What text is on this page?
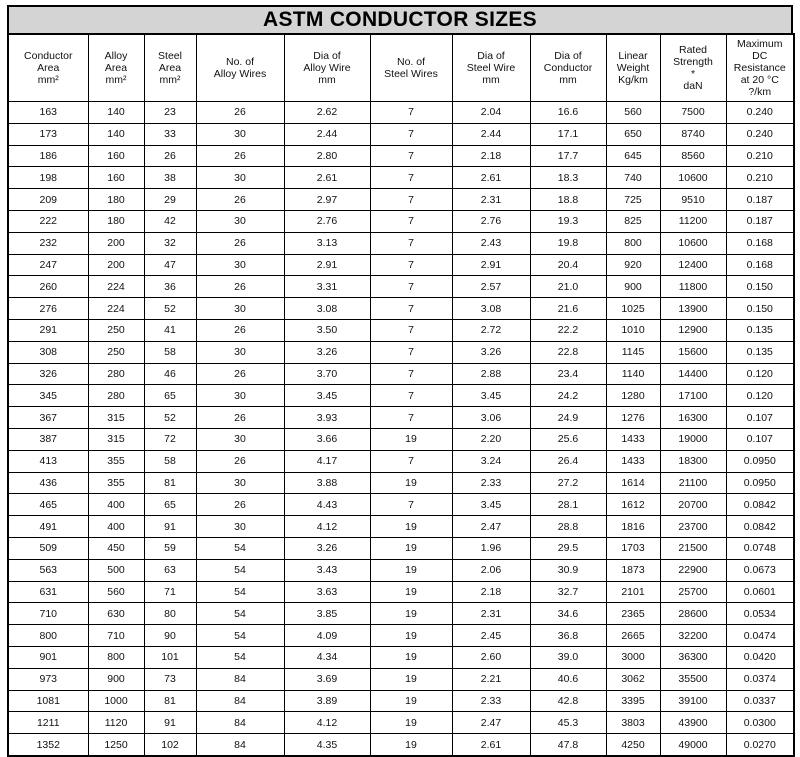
ASTM CONDUCTOR SIZES
Conductor
Area
mm²	Alloy
Area
mm²	Steel
Area
mm²	No. of
Alloy Wires	Dia of
Alloy Wire
mm	No. of
Steel Wires	Dia of
Steel Wire
mm	Dia of
Conductor
mm	Linear
Weight
Kg/km	Rated
Strength
*
daN	Maximum
DC
Resistance
at 20 °C
?/km

163	140	23	26	2.62	7	2.04	16.6	560	7500	0.240
173	140	33	30	2.44	7	2.44	17.1	650	8740	0.240
186	160	26	26	2.80	7	2.18	17.7	645	8560	0.210
198	160	38	30	2.61	7	2.61	18.3	740	10600	0.210
209	180	29	26	2.97	7	2.31	18.8	725	9510	0.187
222	180	42	30	2.76	7	2.76	19.3	825	11200	0.187
232	200	32	26	3.13	7	2.43	19.8	800	10600	0.168
247	200	47	30	2.91	7	2.91	20.4	920	12400	0.168
260	224	36	26	3.31	7	2.57	21.0	900	11800	0.150
276	224	52	30	3.08	7	3.08	21.6	1025	13900	0.150
291	250	41	26	3.50	7	2.72	22.2	1010	12900	0.135
308	250	58	30	3.26	7	3.26	22.8	1145	15600	0.135
326	280	46	26	3.70	7	2.88	23.4	1140	14400	0.120
345	280	65	30	3.45	7	3.45	24.2	1280	17100	0.120
367	315	52	26	3.93	7	3.06	24.9	1276	16300	0.107
387	315	72	30	3.66	19	2.20	25.6	1433	19000	0.107
413	355	58	26	4.17	7	3.24	26.4	1433	18300	0.0950
436	355	81	30	3.88	19	2.33	27.2	1614	21100	0.0950
465	400	65	26	4.43	7	3.45	28.1	1612	20700	0.0842
491	400	91	30	4.12	19	2.47	28.8	1816	23700	0.0842
509	450	59	54	3.26	19	1.96	29.5	1703	21500	0.0748
563	500	63	54	3.43	19	2.06	30.9	1873	22900	0.0673
631	560	71	54	3.63	19	2.18	32.7	2101	25700	0.0601
710	630	80	54	3.85	19	2.31	34.6	2365	28600	0.0534
800	710	90	54	4.09	19	2.45	36.8	2665	32200	0.0474
901	800	101	54	4.34	19	2.60	39.0	3000	36300	0.0420
973	900	73	84	3.69	19	2.21	40.6	3062	35500	0.0374
1081	1000	81	84	3.89	19	2.33	42.8	3395	39100	0.0337
1211	1120	91	84	4.12	19	2.47	45.3	3803	43900	0.0300
1352	1250	102	84	4.35	19	2.61	47.8	4250	49000	0.0270
